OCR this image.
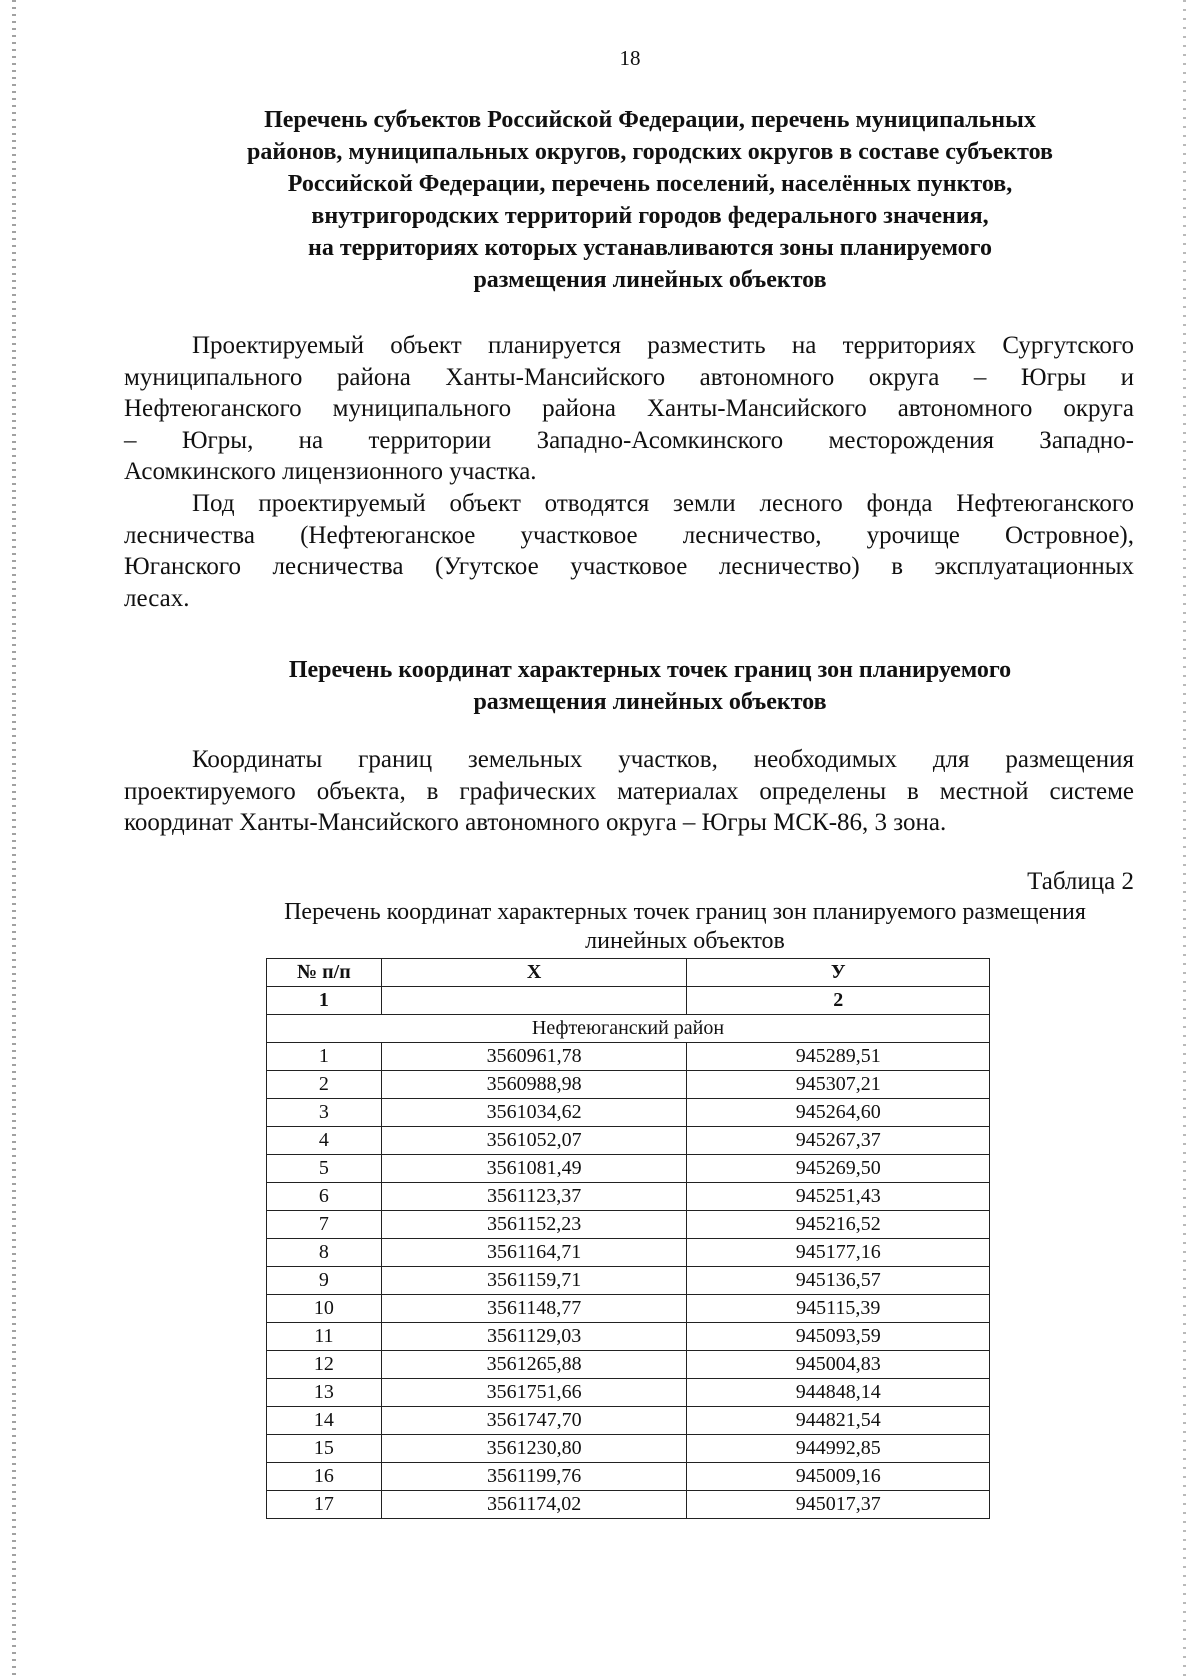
18
Перечень субъектов Российской Федерации, перечень муниципальных
районов, муниципальных округов, городских округов в составе субъектов
Российской Федерации, перечень поселений, населённых пунктов,
внутригородских территорий городов федерального значения,
на территориях которых устанавливаются зоны планируемого
размещения линейных объектов
Проектируемый объект планируется разместить на территориях Сургутского
муниципального района Ханты-Мансийского автономного округа – Югры и
Нефтеюганского муниципального района Ханты-Мансийского автономного округа
– Югры, на территории Западно-Асомкинского месторождения Западно-
Асомкинского лицензионного участка.
Под проектируемый объект отводятся земли лесного фонда Нефтеюганского
лесничества (Нефтеюганское участковое лесничество, урочище Островное),
Юганского лесничества (Угутское участковое лесничество) в эксплуатационных
лесах.
Перечень координат характерных точек границ зон планируемого
размещения линейных объектов
Координаты границ земельных участков, необходимых для размещения
проектируемого объекта, в графических материалах определены в местной системе
координат Ханты-Мансийского автономного округа – Югры МСК-86, 3 зона.
Таблица 2
Перечень координат характерных точек границ зон планируемого размещения
линейных объектов
№ п/п	Х	У
1		2
Нефтеюганский район		
1	3560961,78	945289,51
2	3560988,98	945307,21
3	3561034,62	945264,60
4	3561052,07	945267,37
5	3561081,49	945269,50
6	3561123,37	945251,43
7	3561152,23	945216,52
8	3561164,71	945177,16
9	3561159,71	945136,57
10	3561148,77	945115,39
11	3561129,03	945093,59
12	3561265,88	945004,83
13	3561751,66	944848,14
14	3561747,70	944821,54
15	3561230,80	944992,85
16	3561199,76	945009,16
17	3561174,02	945017,37
